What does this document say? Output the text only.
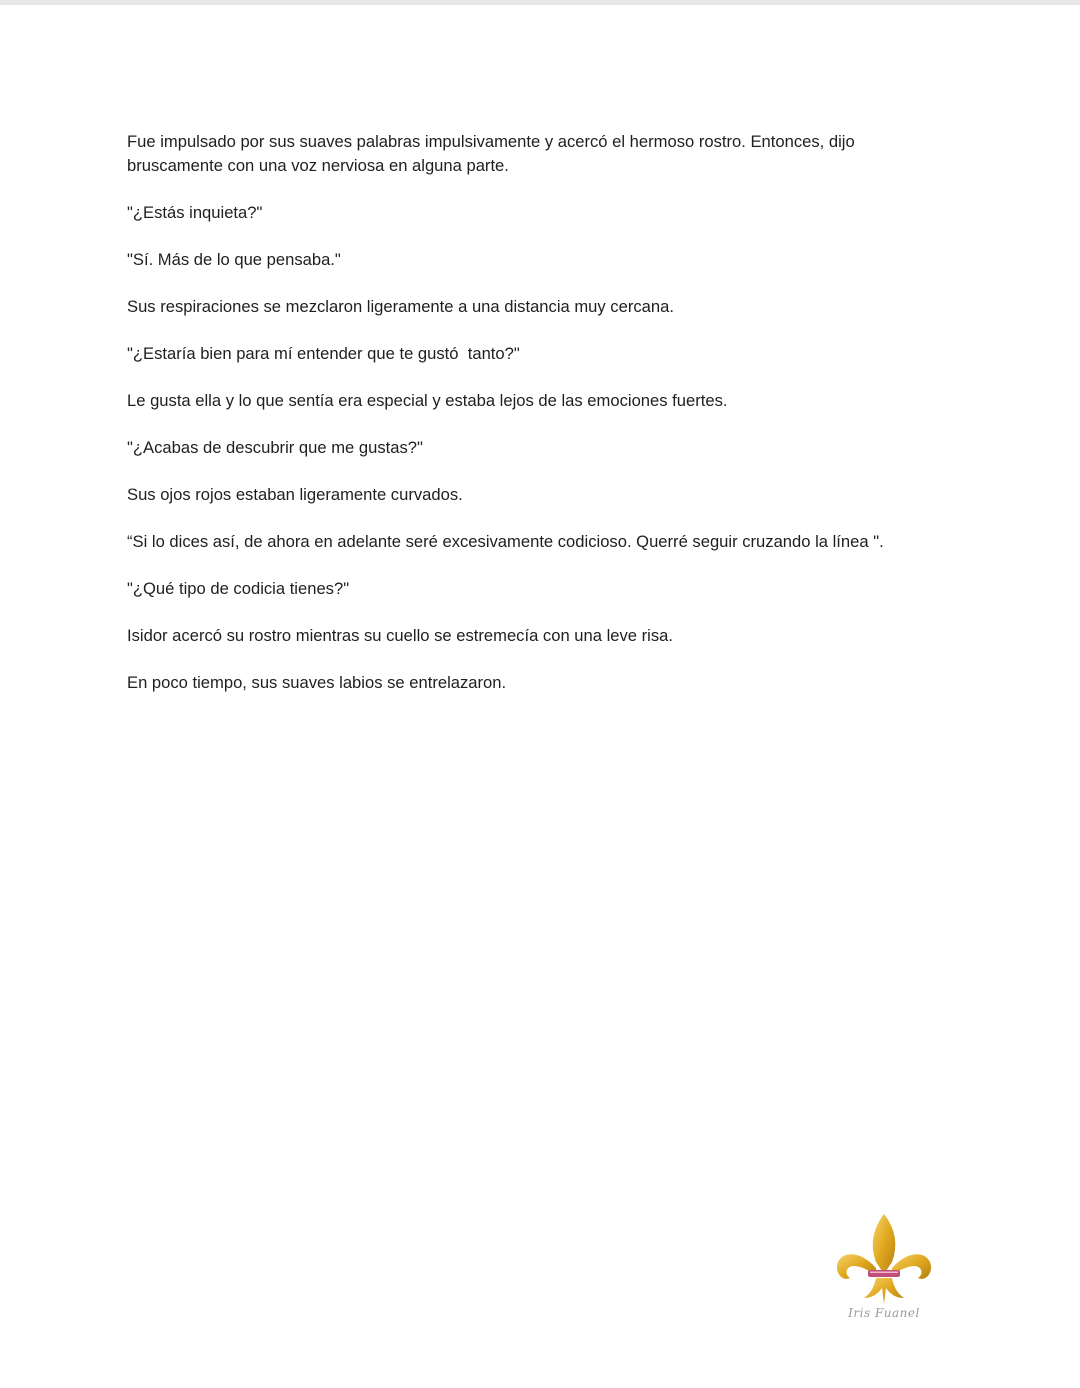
Fue impulsado por sus suaves palabras impulsivamente y acercó el hermoso rostro. Entonces, dijo bruscamente con una voz nerviosa en alguna parte.

"¿Estás inquieta?"

"Sí. Más de lo que pensaba."

Sus respiraciones se mezclaron ligeramente a una distancia muy cercana.

"¿Estaría bien para mí entender que te gustó  tanto?"

Le gusta ella y lo que sentía era especial y estaba lejos de las emociones fuertes.

"¿Acabas de descubrir que me gustas?"

Sus ojos rojos estaban ligeramente curvados.

“Si lo dices así, de ahora en adelante seré excesivamente codicioso. Querré seguir cruzando la línea ".

"¿Qué tipo de codicia tienes?"

Isidor acercó su rostro mientras su cuello se estremecía con una leve risa.

En poco tiempo, sus suaves labios se entrelazaron.

Iris Fuanel
